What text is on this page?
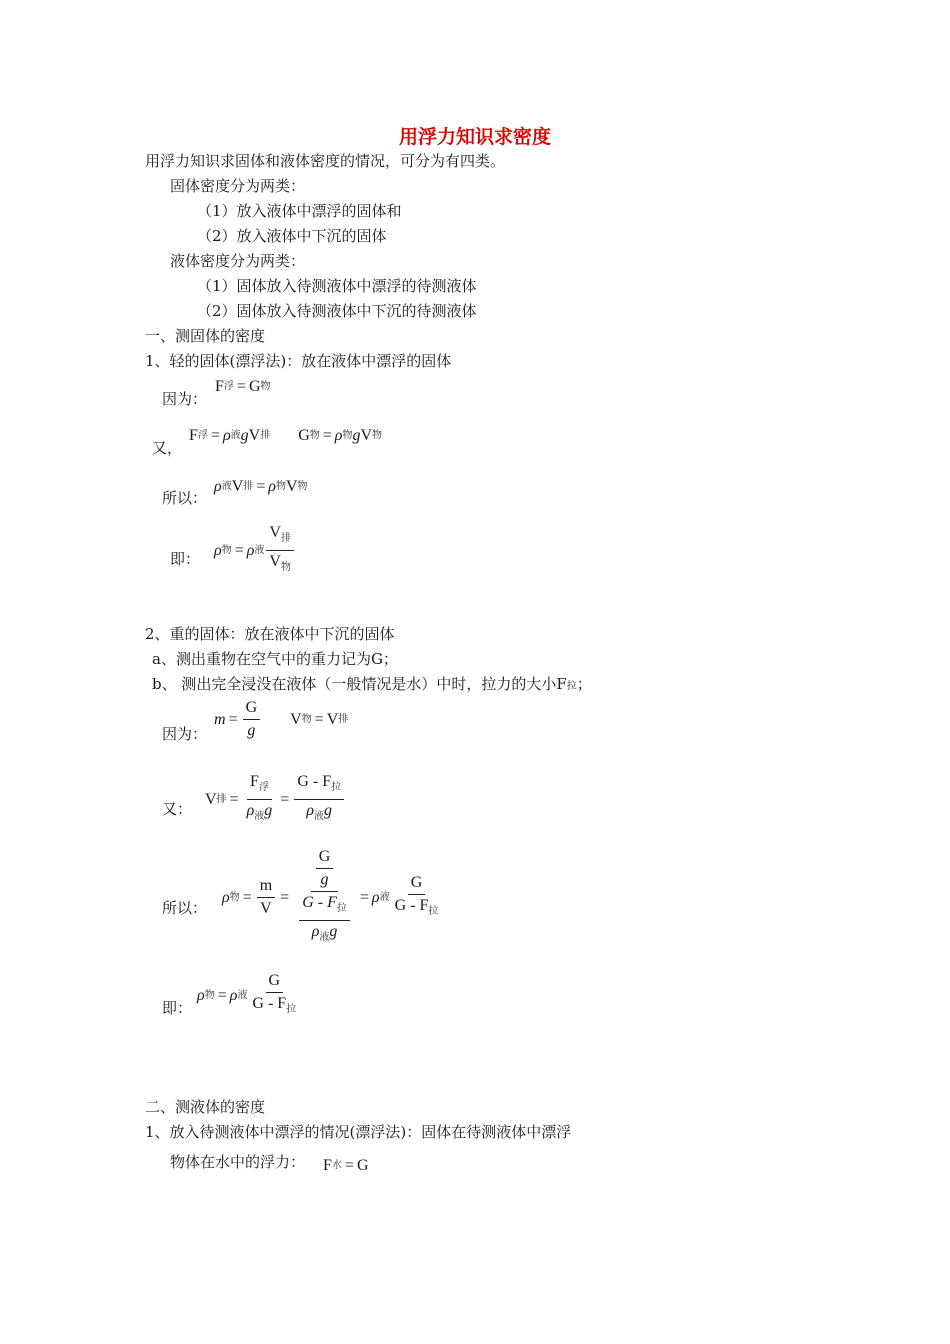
用浮力知识求密度
用浮力知识求固体和液体密度的情况，可分为有四类。
固体密度分为两类：
（1）放入液体中漂浮的固体和
（2）放入液体中下沉的固体
液体密度分为两类：
（1）固体放入待测液体中漂浮的待测液体
（2）固体放入待测液体中下沉的待测液体
一、测固体的密度
1、轻的固体(漂浮法)：放在液体中漂浮的固体
因为：
F 浮 = G 物
又，
F 浮 = ρ 液 g V 排 G 物 = ρ 物 g V 物
所以：
ρ 液 V 排 = ρ 物 V 物
即： ρ 物 = ρ 液 $\frac{V_排}{V_物}$
2、重的固体：放在液体中下沉的固体
a、测出重物在空气中的重力记为G；
b、 测出完全浸没在液体（一般情况是水）中时，拉力的大小F拉；
因为：
$m = \frac{G}{g}$ V 物 = V 排
又：
V 排 = $\frac{F_浮}{\rho_液g} = \frac{G - F_拉}{\rho_液g}$
所以：
ρ 物 = $\frac{m}{V} = \frac{\frac{G}{g}}{\frac{G - F_拉}{\rho_液g}} = \rho$ 液 $\frac{G}{G - F_拉}$
即：
ρ 物 = ρ 液 $\frac{G}{G - F_拉}$
二、测液体的密度
1、放入待测液体中漂浮的情况(漂浮法)：固体在待测液体中漂浮
物体在水中的浮力： F 水 = G
